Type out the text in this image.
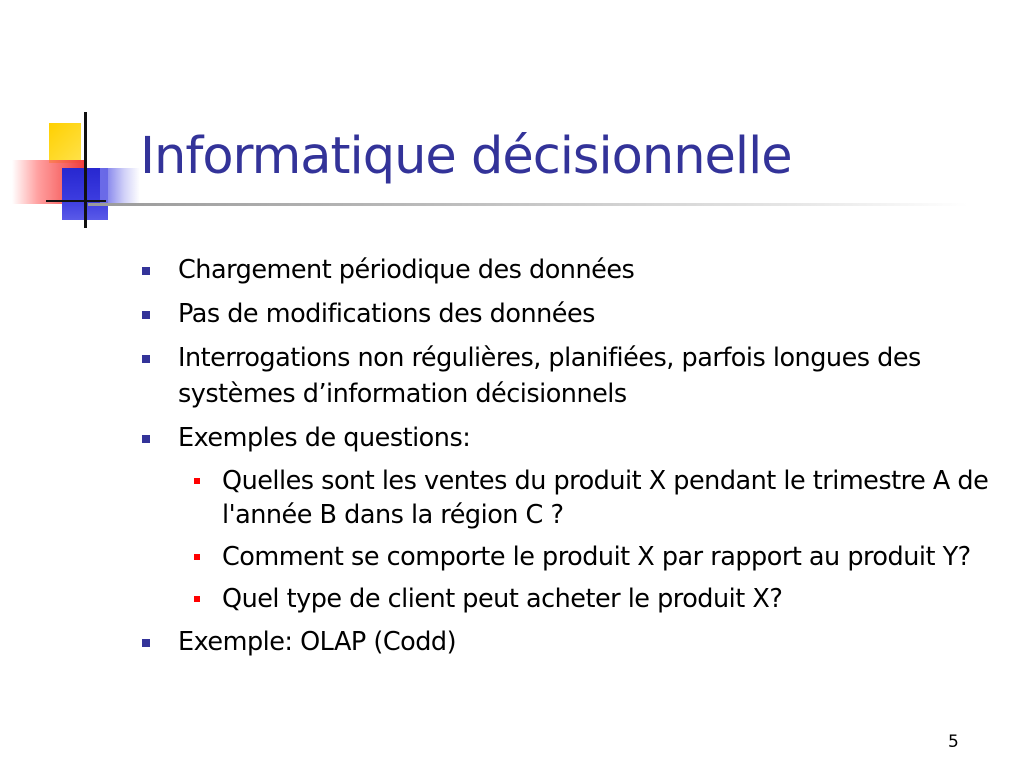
Informatique décisionnelle
Chargement périodique des données
Pas de modifications des données
Interrogations non régulières, planifiées, parfois longues des systèmes d’information décisionnels
Exemples de questions:
Quelles sont les ventes du produit X pendant le trimestre A de l'année B dans la région C ?
Comment se comporte le produit X par rapport au produit Y?
Quel type de client peut acheter le produit X?
Exemple: OLAP (Codd)
5
